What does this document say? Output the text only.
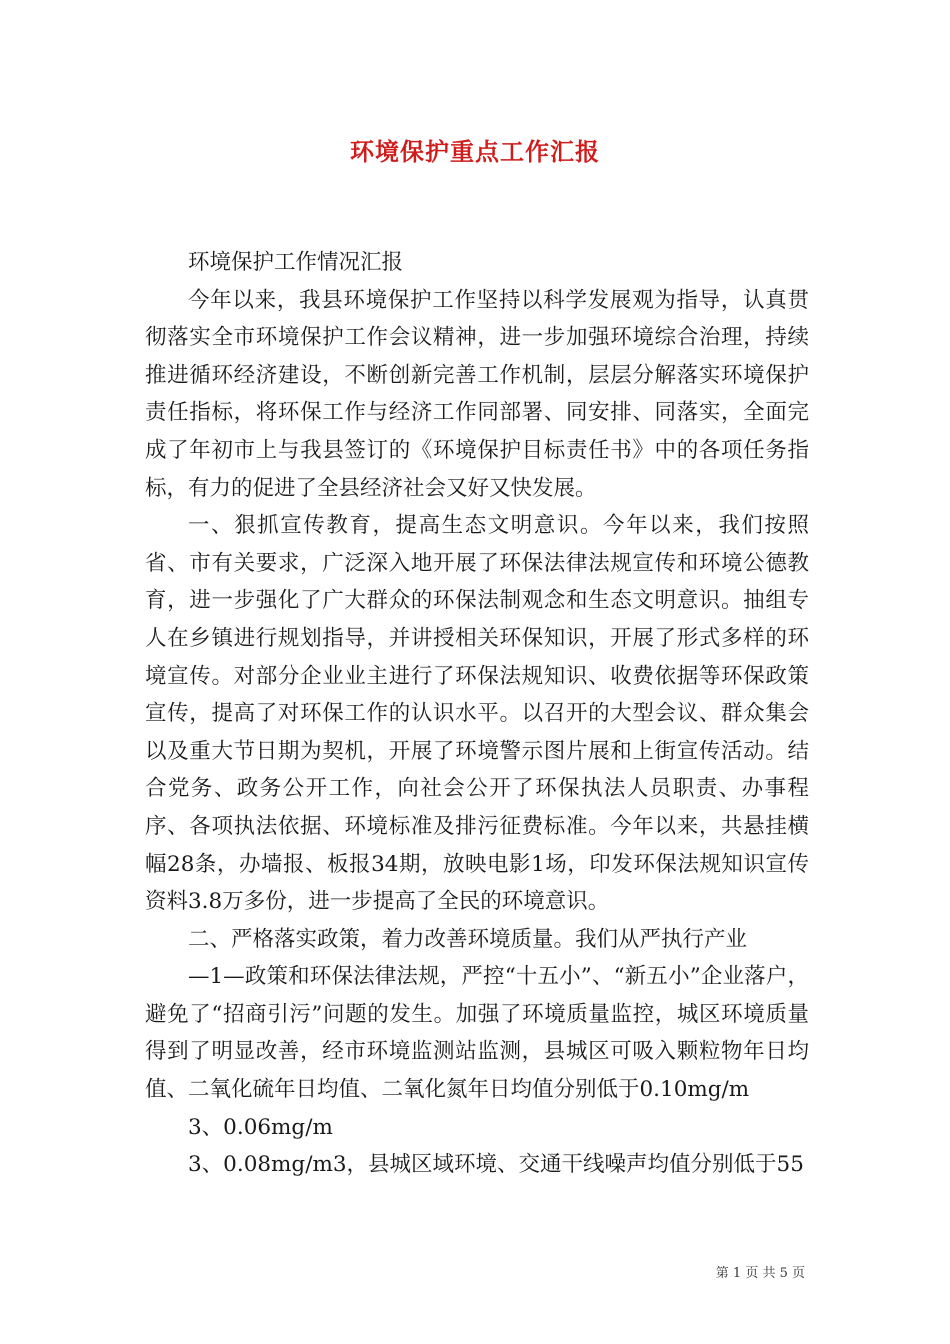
环境保护重点工作汇报

环境保护工作情况汇报

今年以来，我县环境保护工作坚持以科学发展观为指导，认真贯彻落实全市环境保护工作会议精神，进一步加强环境综合治理，持续推进循环经济建设，不断创新完善工作机制，层层分解落实环境保护责任指标，将环保工作与经济工作同部署、同安排、同落实，全面完成了年初市上与我县签订的《环境保护目标责任书》中的各项任务指标，有力的促进了全县经济社会又好又快发展。

一、狠抓宣传教育，提高生态文明意识。今年以来，我们按照省、市有关要求，广泛深入地开展了环保法律法规宣传和环境公德教育，进一步强化了广大群众的环保法制观念和生态文明意识。抽组专人在乡镇进行规划指导，并讲授相关环保知识，开展了形式多样的环境宣传。对部分企业业主进行了环保法规知识、收费依据等环保政策宣传，提高了对环保工作的认识水平。以召开的大型会议、群众集会以及重大节日期为契机，开展了环境警示图片展和上街宣传活动。结合党务、政务公开工作，向社会公开了环保执法人员职责、办事程序、各项执法依据、环境标准及排污征费标准。今年以来，共悬挂横幅28条，办墙报、板报34期，放映电影1场，印发环保法规知识宣传资料3.8万多份，进一步提高了全民的环境意识。

二、严格落实政策，着力改善环境质量。我们从严执行产业

—1—政策和环保法律法规，严控“十五小”、“新五小”企业落户，避免了“招商引污”问题的发生。加强了环境质量监控，城区环境质量得到了明显改善，经市环境监测站监测，县城区可吸入颗粒物年日均值、二氧化硫年日均值、二氧化氮年日均值分别低于0.10mg/m

3、0.06mg/m

3、0.08mg/m3，县城区域环境、交通干线噪声均值分别低于55

第 1 页 共 5 页
